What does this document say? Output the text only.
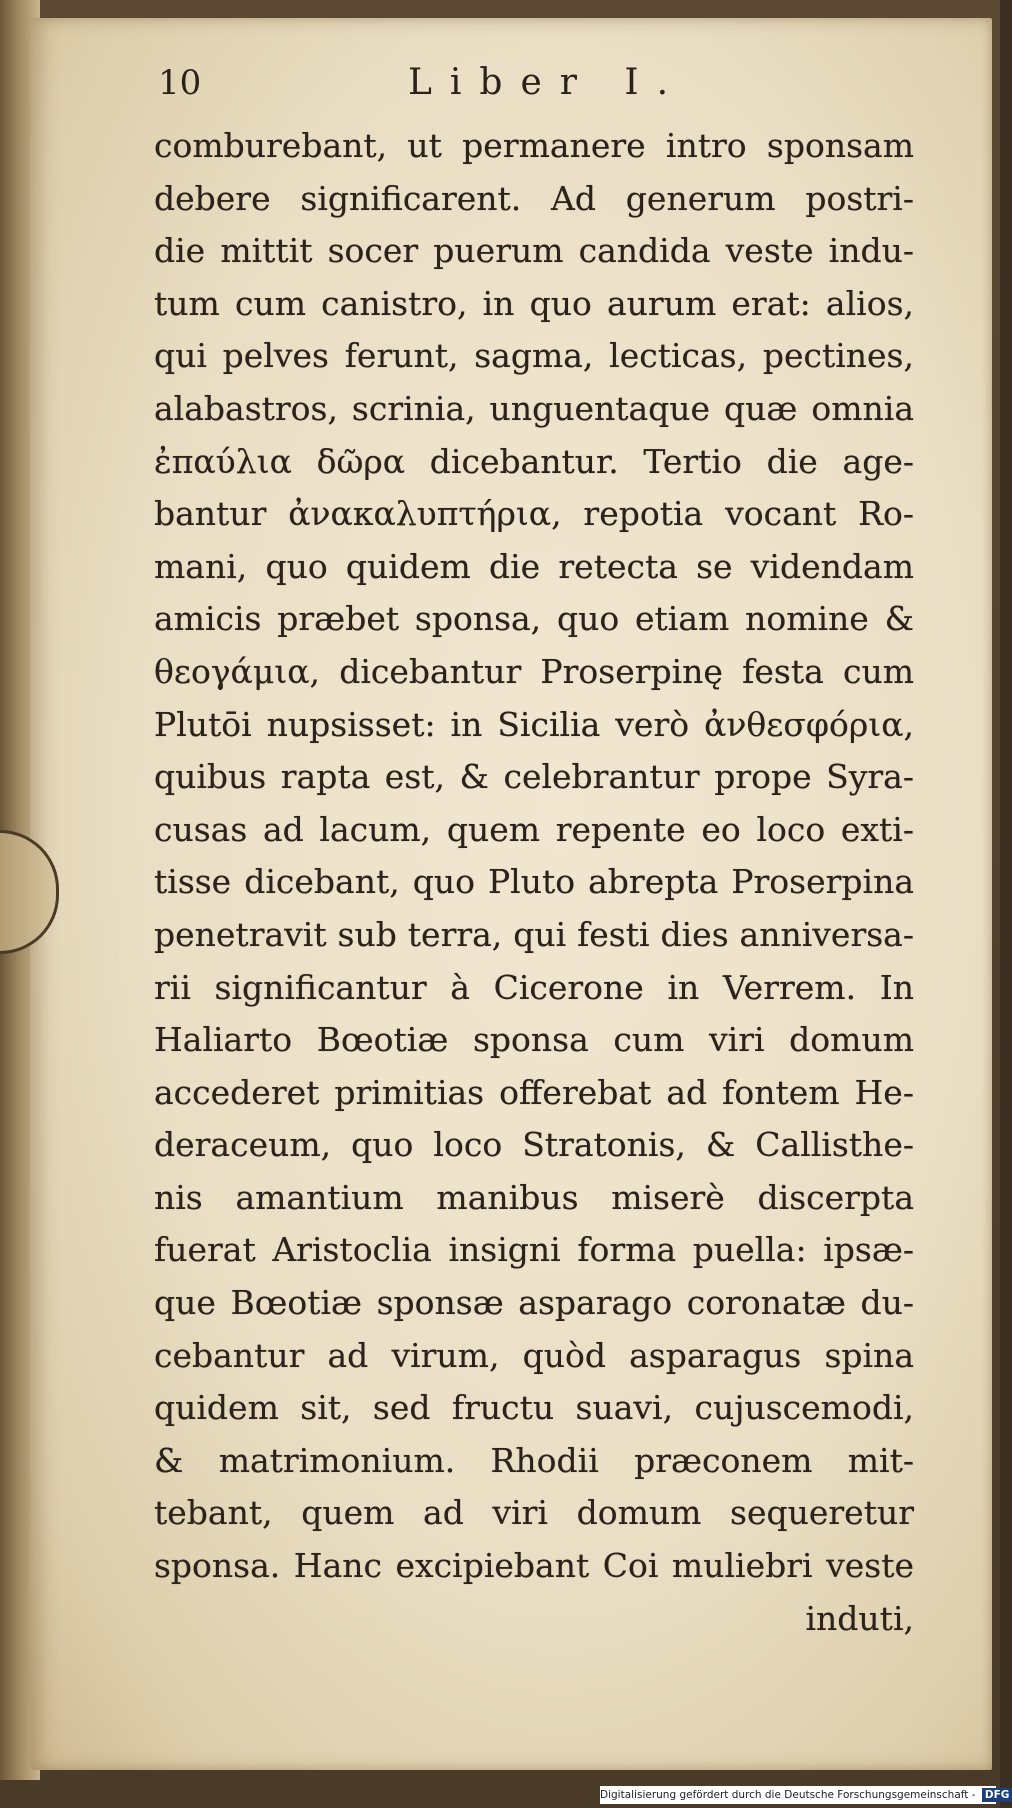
10	Liber I.
comburebant, ut permanere intro sponsam
debere significarent. Ad generum postri-
die mittit socer puerum candida veste indu-
tum cum canistro, in quo aurum erat: alios,
qui pelves ferunt, sagma, lecticas, pectines,
alabastros, scrinia, unguentaque quæ omnia
ἐπαύλια δῶρα dicebantur. Tertio die age-
bantur ἀνακαλυπτήρια, repotia vocant Ro-
mani, quo quidem die retecta se videndam
amicis præbet sponsa, quo etiam nomine &
θεογάμια, dicebantur Proserpinę festa cum
Plutōi nupsisset: in Sicilia verò ἀνθεσφόρια,
quibus rapta est, & celebrantur prope Syra-
cusas ad lacum, quem repente eo loco exti-
tisse dicebant, quo Pluto abrepta Proserpina
penetravit sub terra, qui festi dies anniversa-
rii significantur à Cicerone in Verrem. In
Haliarto Bœotiæ sponsa cum viri domum
accederet primitias offerebat ad fontem He-
deraceum, quo loco Stratonis, & Callisthe-
nis amantium manibus miserè discerpta
fuerat Aristoclia insigni forma puella: ipsæ-
que Bœotiæ sponsæ asparago coronatæ du-
cebantur ad virum, quòd asparagus spina
quidem sit, sed fructu suavi, cujuscemodi,
& matrimonium. Rhodii præconem mit-
tebant, quem ad viri domum sequeretur
sponsa. Hanc excipiebant Coi muliebri veste
induti,
Digitalisierung gefördert durch die Deutsche Forschungsgemeinschaft - DFG
